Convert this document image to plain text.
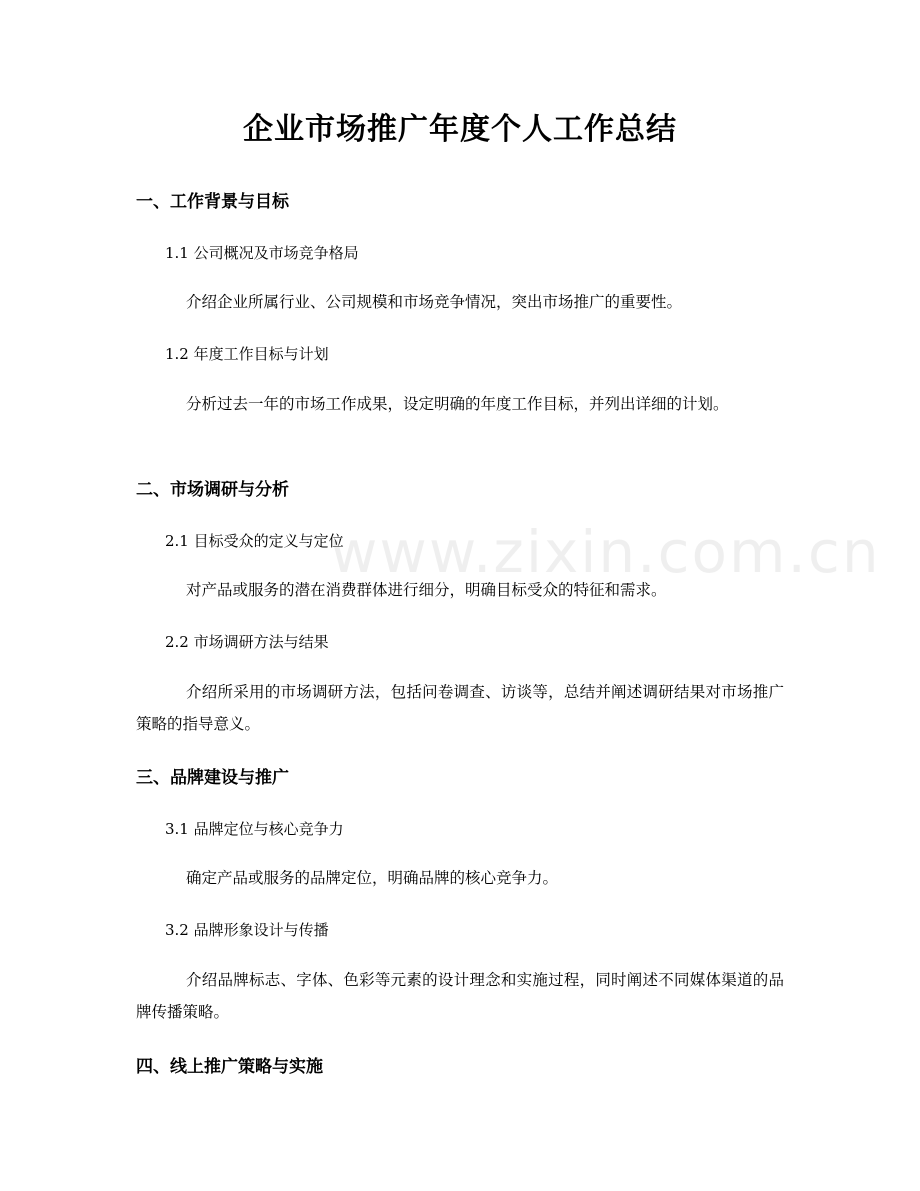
www.zixin.com.cn
企业市场推广年度个人工作总结
一、工作背景与目标
1.1 公司概况及市场竞争格局
介绍企业所属行业、公司规模和市场竞争情况，突出市场推广的重要性。
1.2 年度工作目标与计划
分析过去一年的市场工作成果，设定明确的年度工作目标，并列出详细的计划。
二、市场调研与分析
2.1 目标受众的定义与定位
对产品或服务的潜在消费群体进行细分，明确目标受众的特征和需求。
2.2 市场调研方法与结果
介绍所采用的市场调研方法，包括问卷调查、访谈等，总结并阐述调研结果对市场推广策略的指导意义。
三、品牌建设与推广
3.1 品牌定位与核心竞争力
确定产品或服务的品牌定位，明确品牌的核心竞争力。
3.2 品牌形象设计与传播
介绍品牌标志、字体、色彩等元素的设计理念和实施过程，同时阐述不同媒体渠道的品牌传播策略。
四、线上推广策略与实施
